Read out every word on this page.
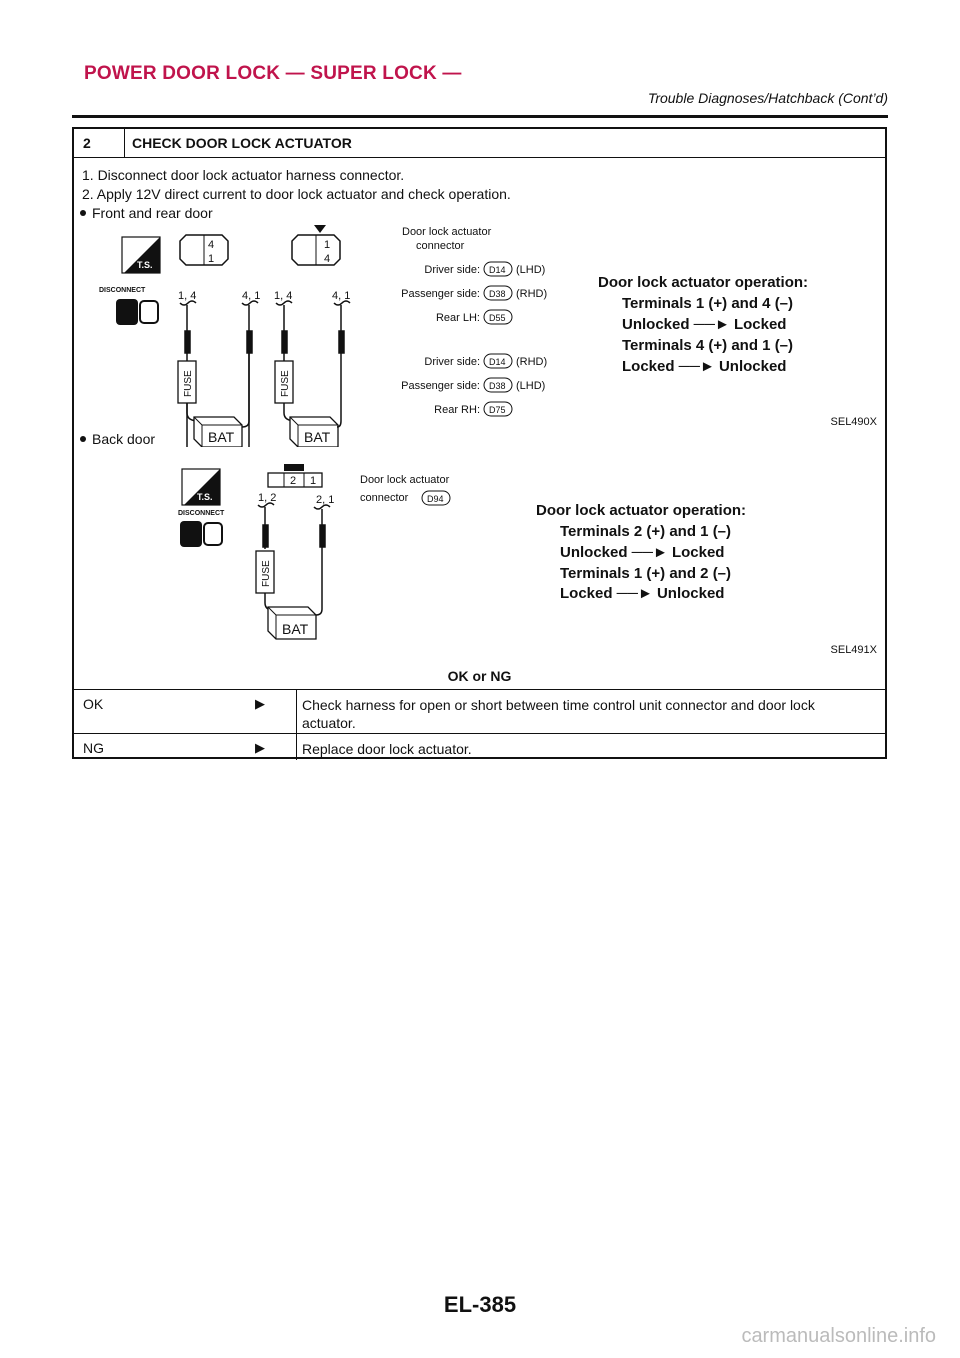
POWER DOOR LOCK — SUPER LOCK —
Trouble Diagnoses/Hatchback (Cont’d)
2	CHECK DOOR LOCK ACTUATOR
1. Disconnect door lock actuator harness connector.
2. Apply 12V direct current to door lock actuator and check operation.
Front and rear door
T.S.
DISCONNECT
4
1
1
4
1, 4	4, 1 1, 4	4, 1
FUSE
BAT
FUSE
BAT
Door lock actuator
connector
Driver side: D14 (LHD)
Passenger side: D38 (RHD)
Rear LH: D55
Driver side: D14 (RHD)
Passenger side: D38 (LHD)
Rear RH: D75
Door lock actuator operation:
Terminals 1 (+) and 4 (–)
Unlocked ──► Locked
Terminals 4 (+) and 1 (–)
Locked ──► Unlocked
SEL490X
Back door
T.S.
DISCONNECT
2 1
1, 2	2, 1
FUSE
BAT
Door lock actuator
connector D94
Door lock actuator operation:
Terminals 2 (+) and 1 (–)
Unlocked ──► Locked
Terminals 1 (+) and 2 (–)
Locked ──► Unlocked
SEL491X
OK or NG
OK	▶	Check harness for open or short between time control unit connector and door lock actuator.
NG	▶	Replace door lock actuator.
EL-385
carmanualsonline.info
